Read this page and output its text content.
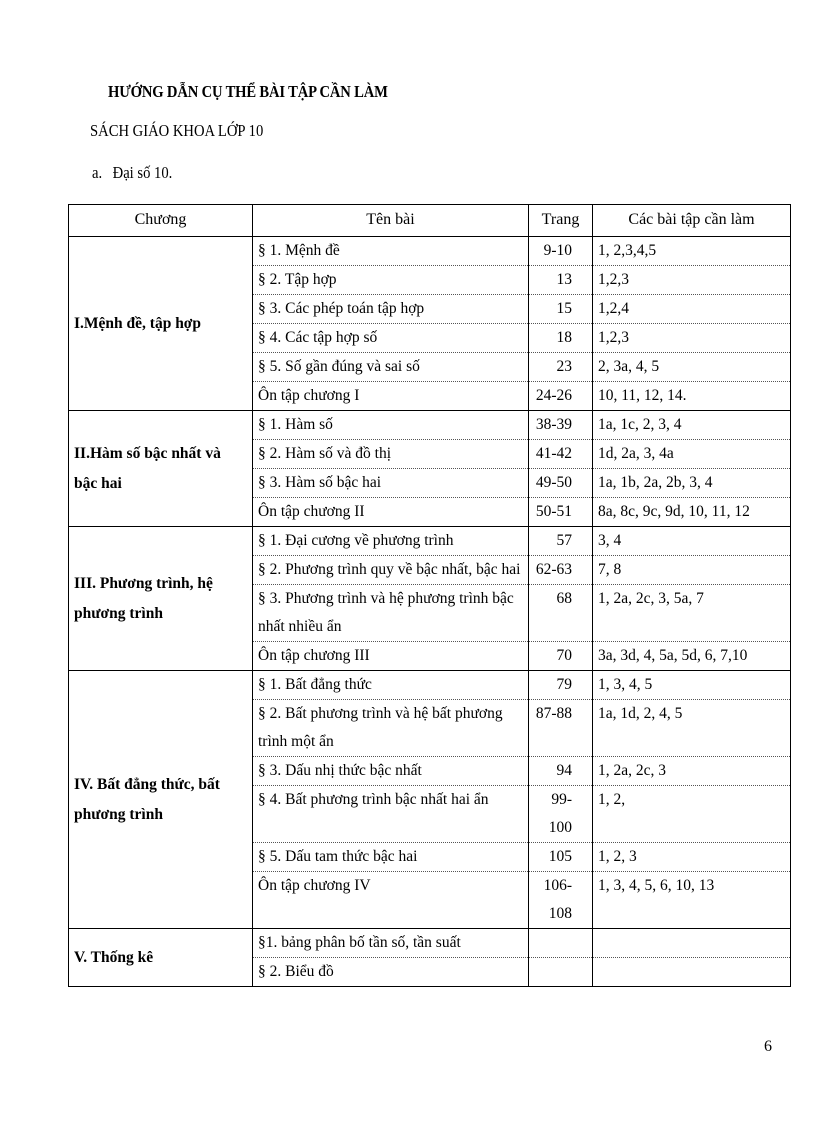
HƯỚNG DẪN CỤ THỂ BÀI TẬP CẦN LÀM

SÁCH GIÁO KHOA LỚP 10

a. Đại số 10.

Chương	Tên bài	Trang	Các bài tập cần làm
I.Mệnh đề, tập hợp	§ 1. Mệnh đề	9-10	1, 2,3,4,5
	§ 2. Tập hợp	13	1,2,3
	§ 3. Các phép toán tập hợp	15	1,2,4
	§ 4. Các tập hợp số	18	1,2,3
	§ 5. Số gần đúng và sai số	23	2, 3a, 4, 5
	Ôn tập chương I	24-26	10, 11, 12, 14.
II.Hàm số bậc nhất và bậc hai	§ 1. Hàm số	38-39	1a, 1c, 2, 3, 4
	§ 2. Hàm số và đồ thị	41-42	1d, 2a, 3, 4a
	§ 3. Hàm số bậc hai	49-50	1a, 1b, 2a, 2b, 3, 4
	Ôn tập chương II	50-51	8a, 8c, 9c, 9d, 10, 11, 12
III. Phương trình, hệ phương trình	§ 1. Đại cương về phương trình	57	3, 4
	§ 2. Phương trình quy về bậc nhất, bậc hai	62-63	7, 8
	§ 3. Phương trình và hệ phương trình bậc nhất nhiều ẩn	68	1, 2a, 2c, 3, 5a, 7
	Ôn tập chương III	70	3a, 3d, 4, 5a, 5d, 6, 7,10
IV. Bất đẳng thức, bất phương trình	§ 1. Bất đẳng thức	79	1, 3, 4, 5
	§ 2. Bất phương trình và hệ bất phương trình một ẩn	87-88	1a, 1d, 2, 4, 5
	§ 3. Dấu nhị thức bậc nhất	94	1, 2a, 2c, 3
	§ 4. Bất phương trình bậc nhất hai ẩn	99-100	1, 2,
	§ 5. Dấu tam thức bậc hai	105	1, 2, 3
	Ôn tập chương IV	106-108	1, 3, 4, 5, 6, 10, 13
V. Thống kê	§1. bảng phân bố tần số, tần suất		
	§ 2. Biểu đồ		

6
